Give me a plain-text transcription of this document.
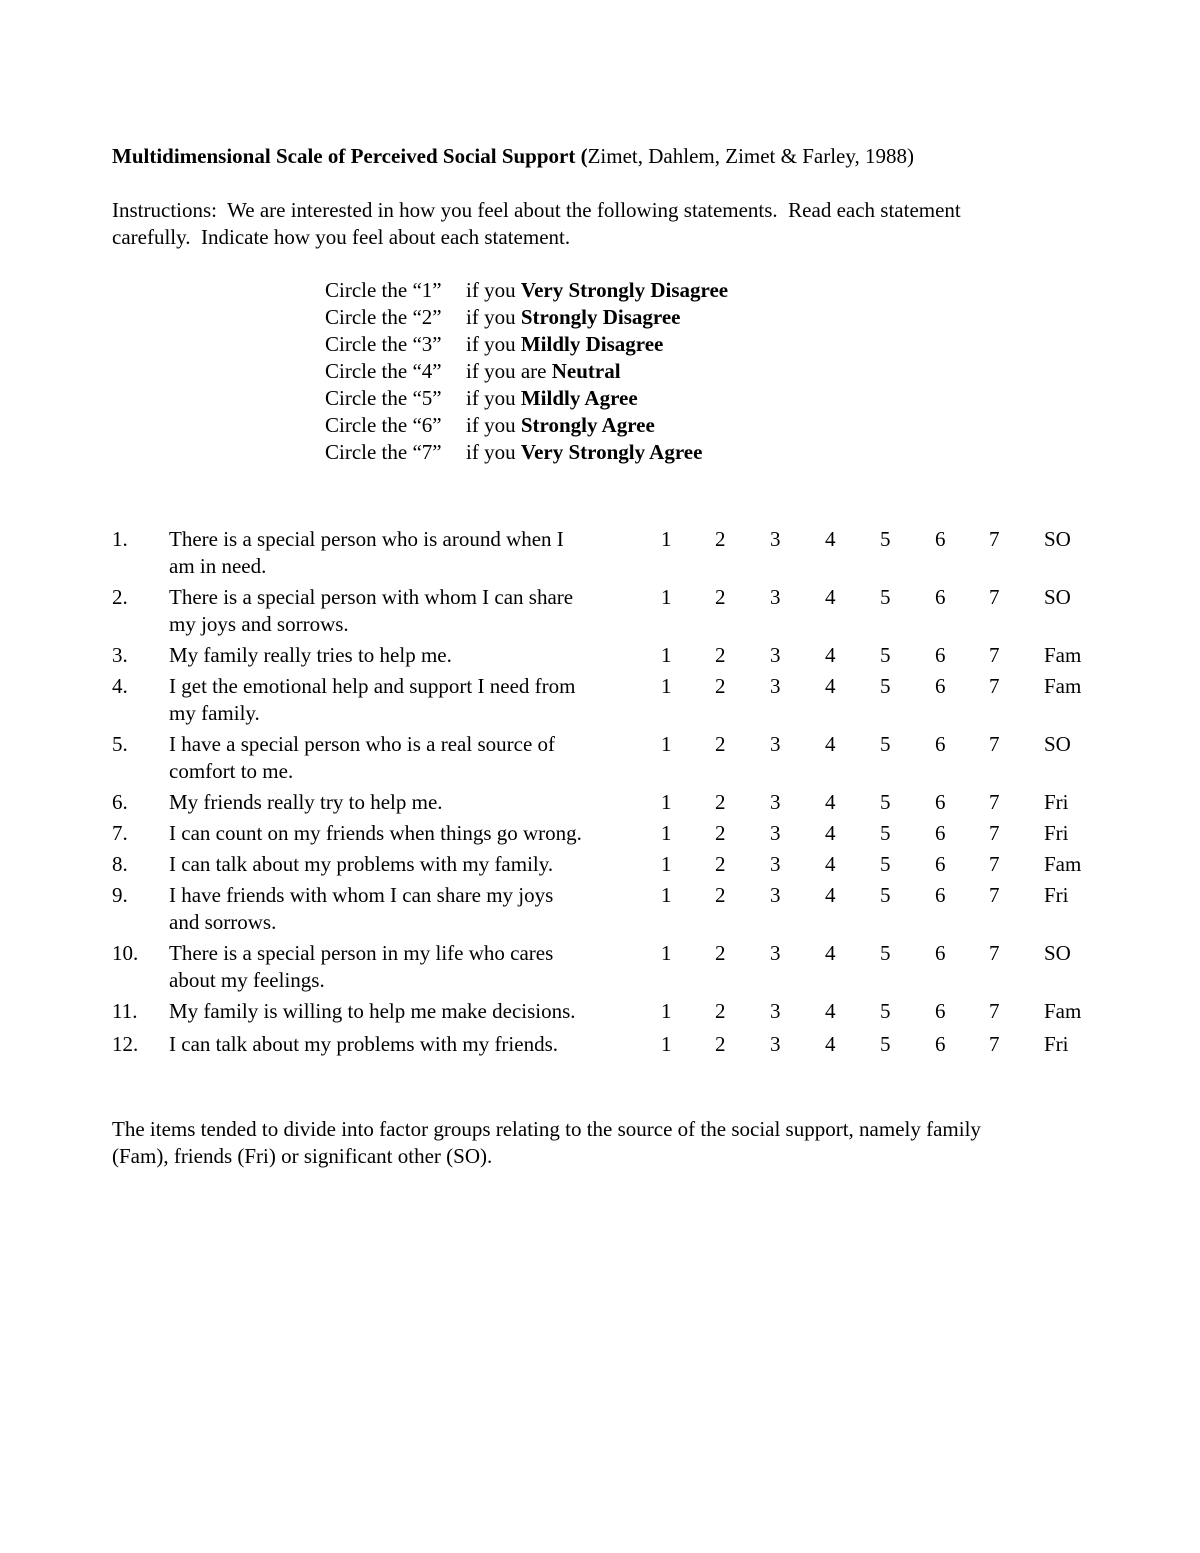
Multidimensional Scale of Perceived Social Support (Zimet, Dahlem, Zimet & Farley, 1988)
Instructions:  We are interested in how you feel about the following statements.  Read each statement
carefully.  Indicate how you feel about each statement.
Circle the “1”	if you Very Strongly Disagree
Circle the “2”	if you Strongly Disagree
Circle the “3”	if you Mildly Disagree
Circle the “4”	if you are Neutral
Circle the “5”	if you Mildly Agree
Circle the “6”	if you Strongly Agree
Circle the “7”	if you Very Strongly Agree
1. There is a special person who is around when I
am in need.
1 2 3 4 5 6 7 SO
2. There is a special person with whom I can share
my joys and sorrows.
1 2 3 4 5 6 7 SO
3. My family really tries to help me.	1 2 3 4 5 6 7 Fam
4. I get the emotional help and support I need from
my family.
1 2 3 4 5 6 7 Fam
5. I have a special person who is a real source of
comfort to me.
1 2 3 4 5 6 7 SO
6. My friends really try to help me.	1 2 3 4 5 6 7 Fri
7. I can count on my friends when things go wrong.	1 2 3 4 5 6 7 Fri
8. I can talk about my problems with my family.	1 2 3 4 5 6 7 Fam
9. I have friends with whom I can share my joys
and sorrows.
1 2 3 4 5 6 7 Fri
10. There is a special person in my life who cares
about my feelings.
1 2 3 4 5 6 7 SO
11. My family is willing to help me make decisions.	1 2 3 4 5 6 7 Fam
12. I can talk about my problems with my friends.	1 2 3 4 5 6 7 Fri
The items tended to divide into factor groups relating to the source of the social support, namely family
(Fam), friends (Fri) or significant other (SO).
